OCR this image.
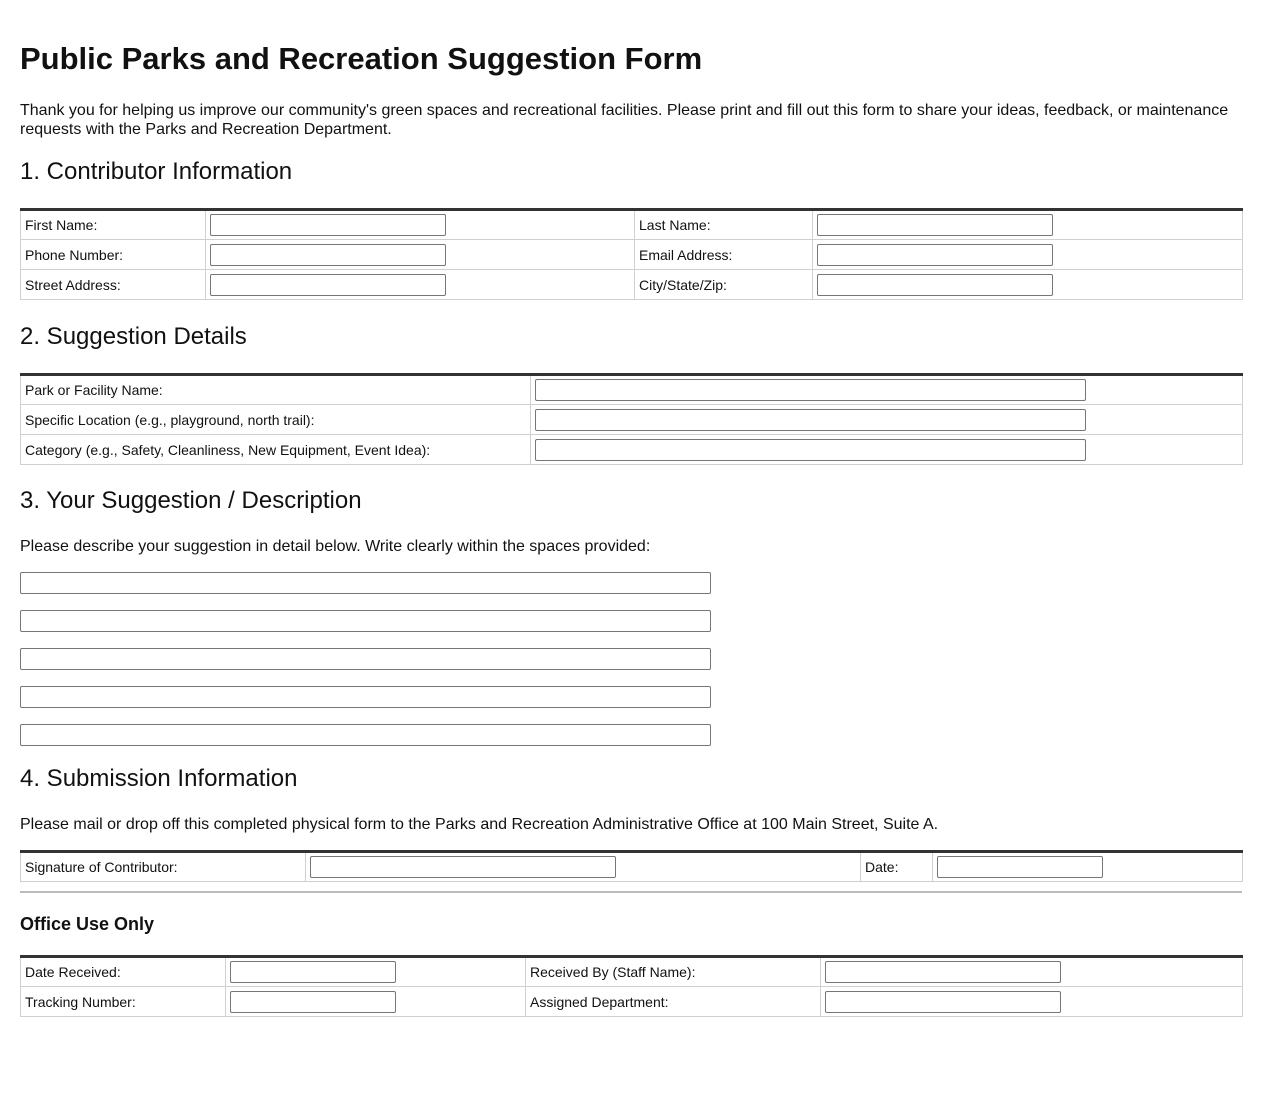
Public Parks and Recreation Suggestion Form
Thank you for helping us improve our community's green spaces and recreational facilities. Please print and fill out this form to share your ideas, feedback, or maintenance requests with the Parks and Recreation Department.
1. Contributor Information
First Name:		Last Name:	

Phone Number:		Email Address:	

Street Address:		City/State/Zip:	
2. Suggestion Details
Park or Facility Name:	

Specific Location (e.g., playground, north trail):	

Category (e.g., Safety, Cleanliness, New Equipment, Event Idea):	
3. Your Suggestion / Description
Please describe your suggestion in detail below. Write clearly within the spaces provided:
4. Submission Information
Please mail or drop off this completed physical form to the Parks and Recreation Administrative Office at 100 Main Street, Suite A.
Signature of Contributor:		Date:	
Office Use Only
Date Received:		Received By (Staff Name):	

Tracking Number:		Assigned Department:	
